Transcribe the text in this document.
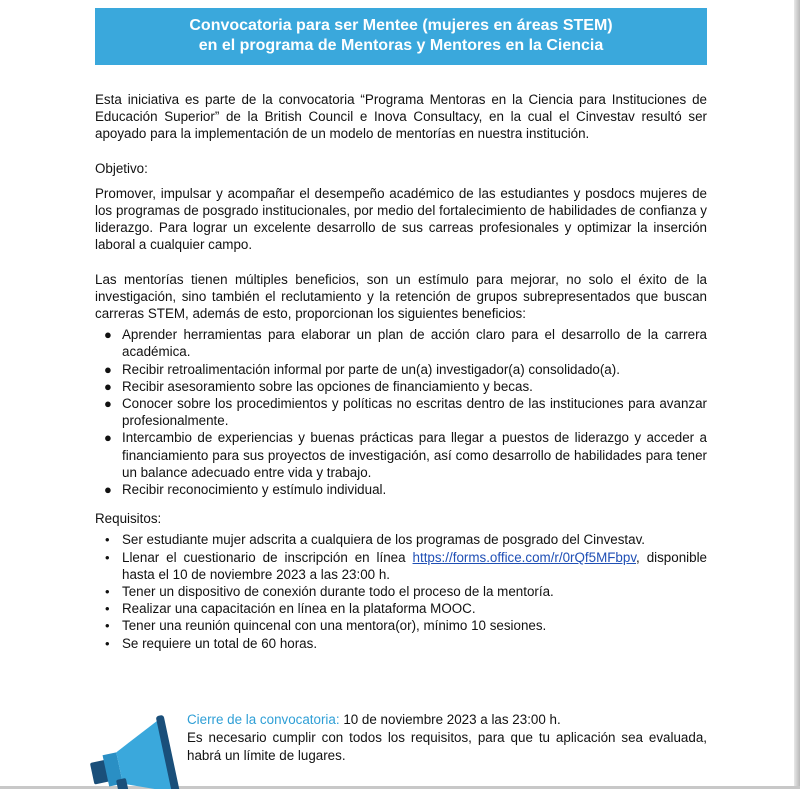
Convocatoria para ser Mentee (mujeres en áreas STEM)
en el programa de Mentoras y Mentores en la Ciencia

Esta iniciativa es parte de la convocatoria “Programa Mentoras en la Ciencia para Instituciones de Educación Superior” de la British Council e Inova Consultacy, en la cual el Cinvestav resultó ser apoyado para la implementación de un modelo de mentorías en nuestra institución.

Objetivo:

Promover, impulsar y acompañar el desempeño académico de las estudiantes y posdocs mujeres de los programas de posgrado institucionales, por medio del fortalecimiento de habilidades de confianza y liderazgo. Para lograr un excelente desarrollo de sus carreas profesionales y optimizar la inserción laboral a cualquier campo.

Las mentorías tienen múltiples beneficios, son un estímulo para mejorar, no solo el éxito de la investigación, sino también el reclutamiento y la retención de grupos subrepresentados que buscan carreras STEM, además de esto, proporcionan los siguientes beneficios:

● Aprender herramientas para elaborar un plan de acción claro para el desarrollo de la carrera académica.
● Recibir retroalimentación informal por parte de un(a) investigador(a) consolidado(a).
● Recibir asesoramiento sobre las opciones de financiamiento y becas.
● Conocer sobre los procedimientos y políticas no escritas dentro de las instituciones para avanzar profesionalmente.
● Intercambio de experiencias y buenas prácticas para llegar a puestos de liderazgo y acceder a financiamiento para sus proyectos de investigación, así como desarrollo de habilidades para tener un balance adecuado entre vida y trabajo.
● Recibir reconocimiento y estímulo individual.

Requisitos:

• Ser estudiante mujer adscrita a cualquiera de los programas de posgrado del Cinvestav.
• Llenar el cuestionario de inscripción en línea https://forms.office.com/r/0rQf5MFbpv, disponible hasta el 10 de noviembre 2023 a las 23:00 h.
• Tener un dispositivo de conexión durante todo el proceso de la mentoría.
• Realizar una capacitación en línea en la plataforma MOOC.
• Tener una reunión quincenal con una mentora(or), mínimo 10 sesiones.
• Se requiere un total de 60 horas.

Cierre de la convocatoria: 10 de noviembre 2023 a las 23:00 h.

Es necesario cumplir con todos los requisitos, para que tu aplicación sea evaluada, habrá un límite de lugares.
